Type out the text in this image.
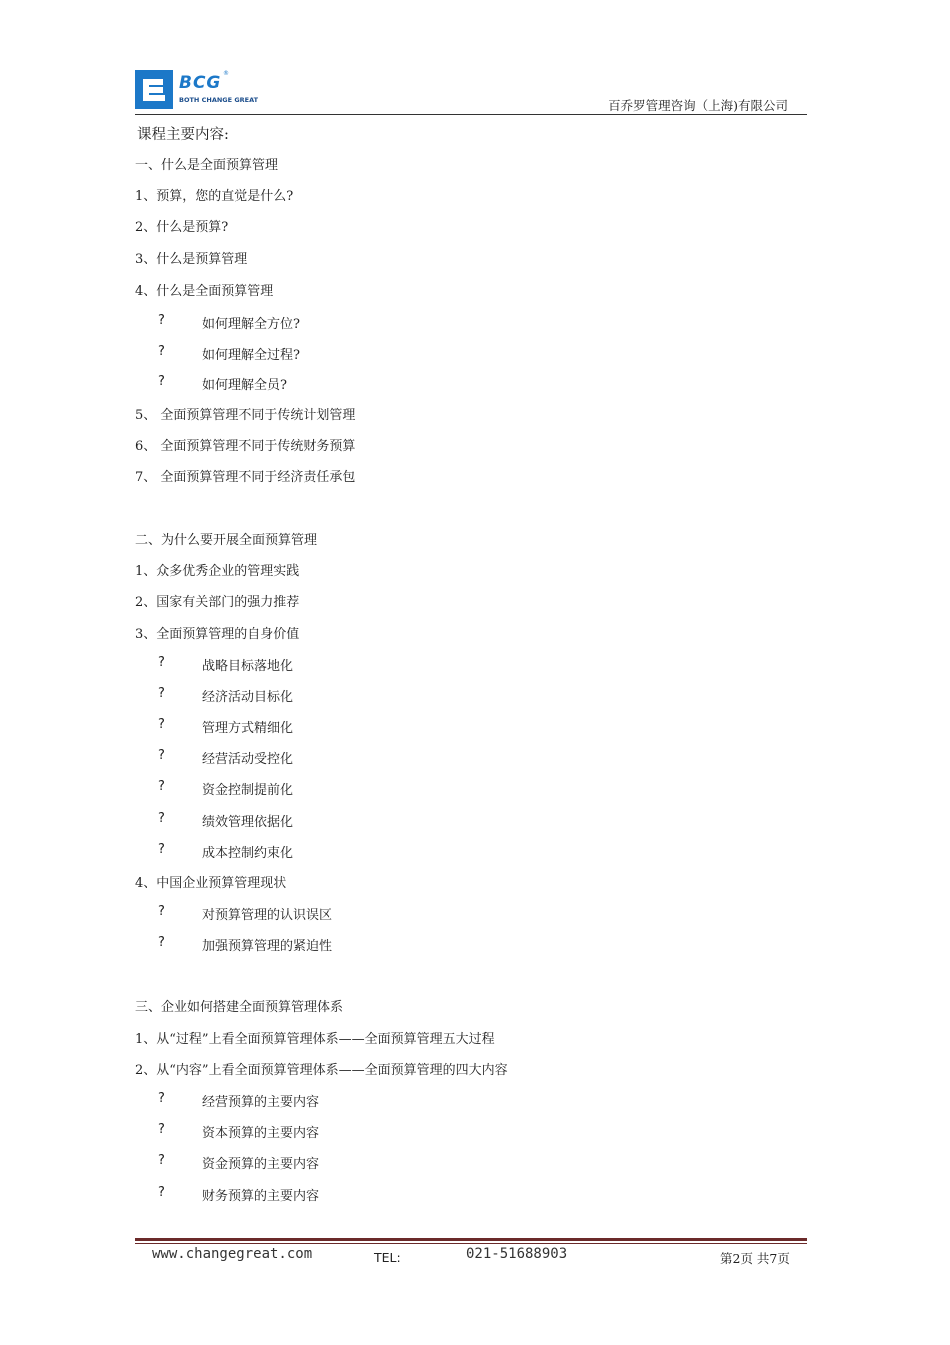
BCG ®
BOTH CHANGE GREAT	百乔罗管理咨询（上海)有限公司
课程主要内容:
一、什么是全面预算管理
1、预算，您的直觉是什么?
2、什么是预算?
3、什么是预算管理
4、什么是全面预算管理
?	如何理解全方位?
?	如何理解全过程?
?	如何理解全员?
5、 全面预算管理不同于传统计划管理
6、 全面预算管理不同于传统财务预算
7、 全面预算管理不同于经济责任承包
二、为什么要开展全面预算管理
1、众多优秀企业的管理实践
2、国家有关部门的强力推荐
3、全面预算管理的自身价值
?	战略目标落地化
?	经济活动目标化
?	管理方式精细化
?	经营活动受控化
?	资金控制提前化
?	绩效管理依据化
?	成本控制约束化
4、中国企业预算管理现状
?	对预算管理的认识误区
?	加强预算管理的紧迫性
三、企业如何搭建全面预算管理体系
1、从“过程”上看全面预算管理体系——全面预算管理五大过程
2、从“内容”上看全面预算管理体系——全面预算管理的四大内容
?	经营预算的主要内容
?	资本预算的主要内容
?	资金预算的主要内容
?	财务预算的主要内容
www.changegreat.com	TEL:	021-51688903	第2页 共7页
